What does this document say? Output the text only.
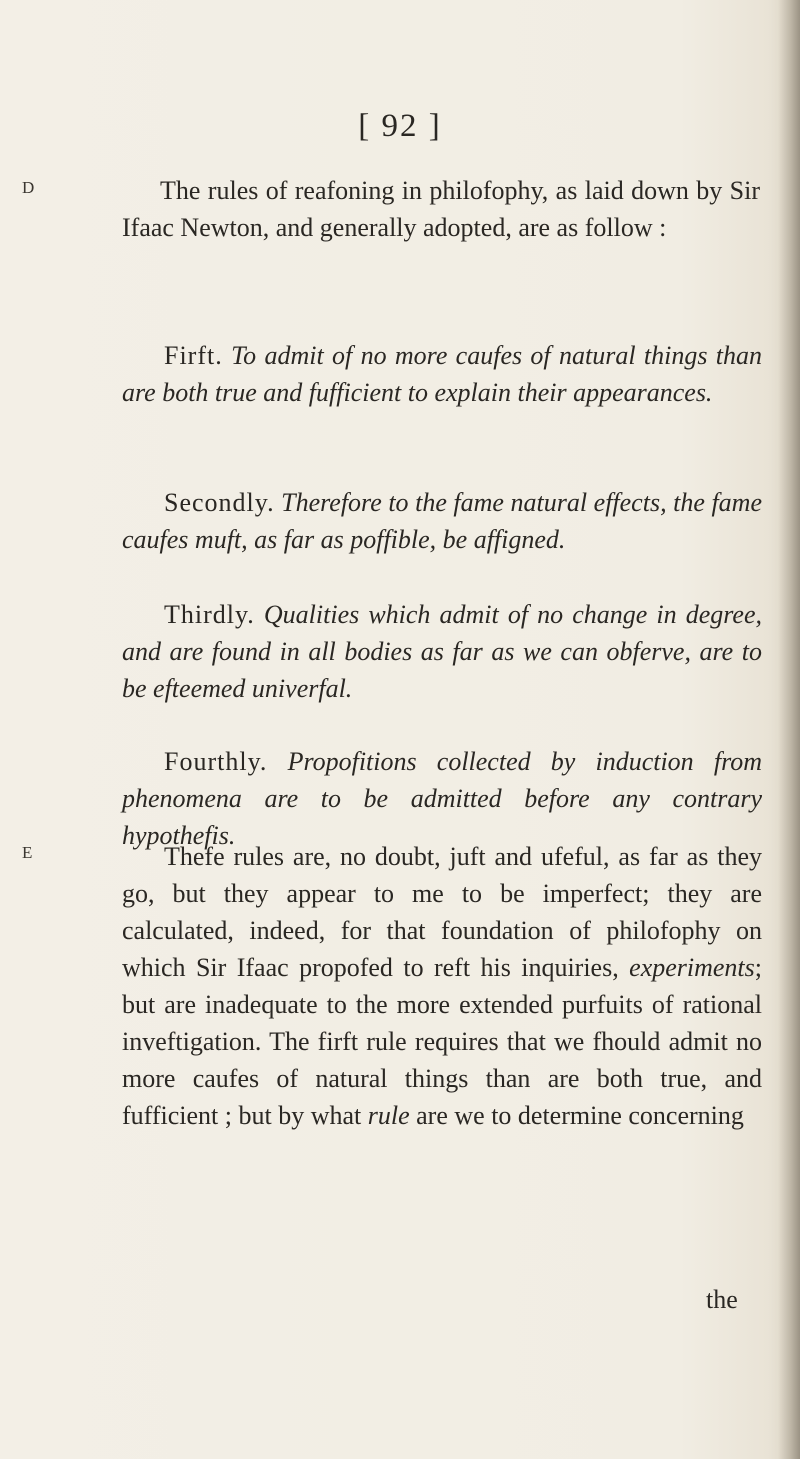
[ 92 ]
D
E

The rules of reafoning in philofophy, as laid down by Sir Ifaac Newton, and generally adopted, are as follow :

Firft. To admit of no more caufes of natural things than are both true and fufficient to explain their appearances.

Secondly. Therefore to the fame natural effects, the fame caufes muft, as far as poffible, be affigned.

Thirdly. Qualities which admit of no change in degree, and are found in all bodies as far as we can obferve, are to be efteemed univerfal.

Fourthly. Propofitions collected by induction from phenomena are to be admitted before any contrary hypothefis.

Thefe rules are, no doubt, juft and ufeful, as far as they go, but they appear to me to be imperfect; they are calculated, indeed, for that foundation of philofophy on which Sir Ifaac propofed to reft his inquiries, experiments; but are inadequate to the more extended purfuits of rational inveftigation. The firft rule requires that we fhould admit no more caufes of natural things than are both true, and fufficient ; but by what rule are we to determine concerning

the
